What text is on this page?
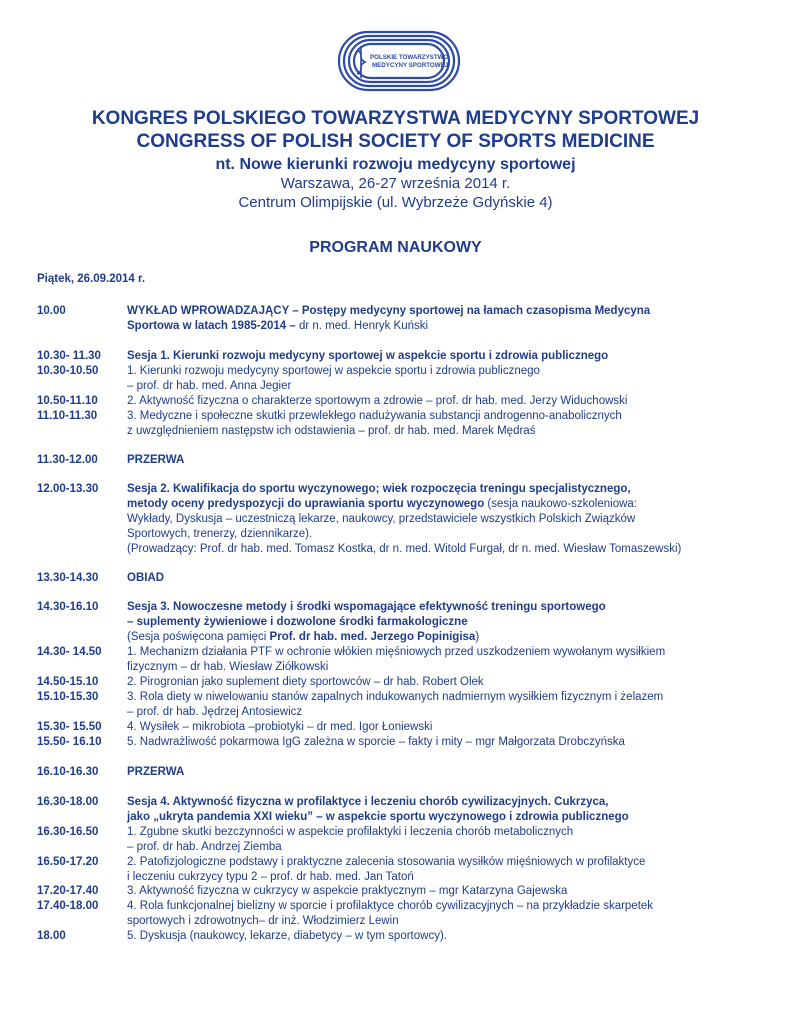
POLSKIE TOWARZYSTWO
MEDYCYNY SPORTOWEJ
KONGRES POLSKIEGO TOWARZYSTWA MEDYCYNY SPORTOWEJ
CONGRESS OF POLISH SOCIETY OF SPORTS MEDICINE
nt. Nowe kierunki rozwoju medycyny sportowej
Warszawa, 26-27 września 2014 r.
Centrum Olimpijskie (ul. Wybrzeże Gdyńskie 4)
PROGRAM NAUKOWY
Piątek, 26.09.2014 r.
10.00	WYKŁAD WPROWADZAJĄCY – Postępy medycyny sportowej na łamach czasopisma Medycyna
Sportowa w latach 1985-2014 – dr n. med. Henryk Kuński
10.30- 11.30	Sesja 1. Kierunki rozwoju medycyny sportowej w aspekcie sportu i zdrowia publicznego
10.30-10.50	1. Kierunki rozwoju medycyny sportowej w aspekcie sportu i zdrowia publicznego
– prof. dr hab. med. Anna Jegier
10.50-11.10	2. Aktywność fizyczna o charakterze sportowym a zdrowie – prof. dr hab. med. Jerzy Widuchowski
11.10-11.30	3. Medyczne i społeczne skutki przewlekłego nadużywania substancji androgenno-anabolicznych
z uwzględnieniem następstw ich odstawienia – prof. dr hab. med. Marek Mędraś
11.30-12.00	PRZERWA
12.00-13.30	Sesja 2. Kwalifikacja do sportu wyczynowego; wiek rozpoczęcia treningu specjalistycznego,
metody oceny predyspozycji do uprawiania sportu wyczynowego (sesja naukowo-szkoleniowa:
Wykłady, Dyskusja – uczestniczą lekarze, naukowcy, przedstawiciele wszystkich Polskich Związków
Sportowych, trenerzy, dziennikarze).
(Prowadzący: Prof. dr hab. med. Tomasz Kostka, dr n. med. Witold Furgał, dr n. med. Wiesław Tomaszewski)
13.30-14.30	OBIAD
14.30-16.10	Sesja 3. Nowoczesne metody i środki wspomagające efektywność treningu sportowego
– suplementy żywieniowe i dozwolone środki farmakologiczne
(Sesja poświęcona pamięci Prof. dr hab. med. Jerzego Popinigisa)
14.30- 14.50	1. Mechanizm działania PTF w ochronie włókien mięśniowych przed uszkodzeniem wywołanym wysiłkiem
fizycznym – dr hab. Wiesław Ziółkowski
14.50-15.10	2. Pirogronian jako suplement diety sportowców – dr hab. Robert Olek
15.10-15.30	3. Rola diety w niwelowaniu stanów zapalnych indukowanych nadmiernym wysiłkiem fizycznym i żelazem
– prof. dr hab. Jędrzej Antosiewicz
15.30- 15.50	4. Wysiłek – mikrobiota –probiotyki – dr med. Igor Łoniewski
15.50- 16.10	5. Nadwrażliwość pokarmowa IgG zależna w sporcie – fakty i mity – mgr Małgorzata Drobczyńska
16.10-16.30	PRZERWA
16.30-18.00	Sesja 4. Aktywność fizyczna w profilaktyce i leczeniu chorób cywilizacyjnych. Cukrzyca,
jako „ukryta pandemia XXI wieku” – w aspekcie sportu wyczynowego i zdrowia publicznego
16.30-16.50	1. Zgubne skutki bezczynności w aspekcie profilaktyki i leczenia chorób metabolicznych
– prof. dr hab. Andrzej Ziemba
16.50-17.20	2. Patofizjologiczne podstawy i praktyczne zalecenia stosowania wysiłków mięśniowych w profilaktyce
i leczeniu cukrzycy typu 2 – prof. dr hab. med. Jan Tatoń
17.20-17.40	3. Aktywność fizyczna w cukrzycy w aspekcie praktycznym – mgr Katarzyna Gajewska
17.40-18.00	4. Rola funkcjonalnej bielizny w sporcie i profilaktyce chorób cywilizacyjnych – na przykładzie skarpetek
sportowych i zdrowotnych– dr inż. Włodzimierz Lewin
18.00	5. Dyskusja (naukowcy, lekarze, diabetycy – w tym sportowcy).
